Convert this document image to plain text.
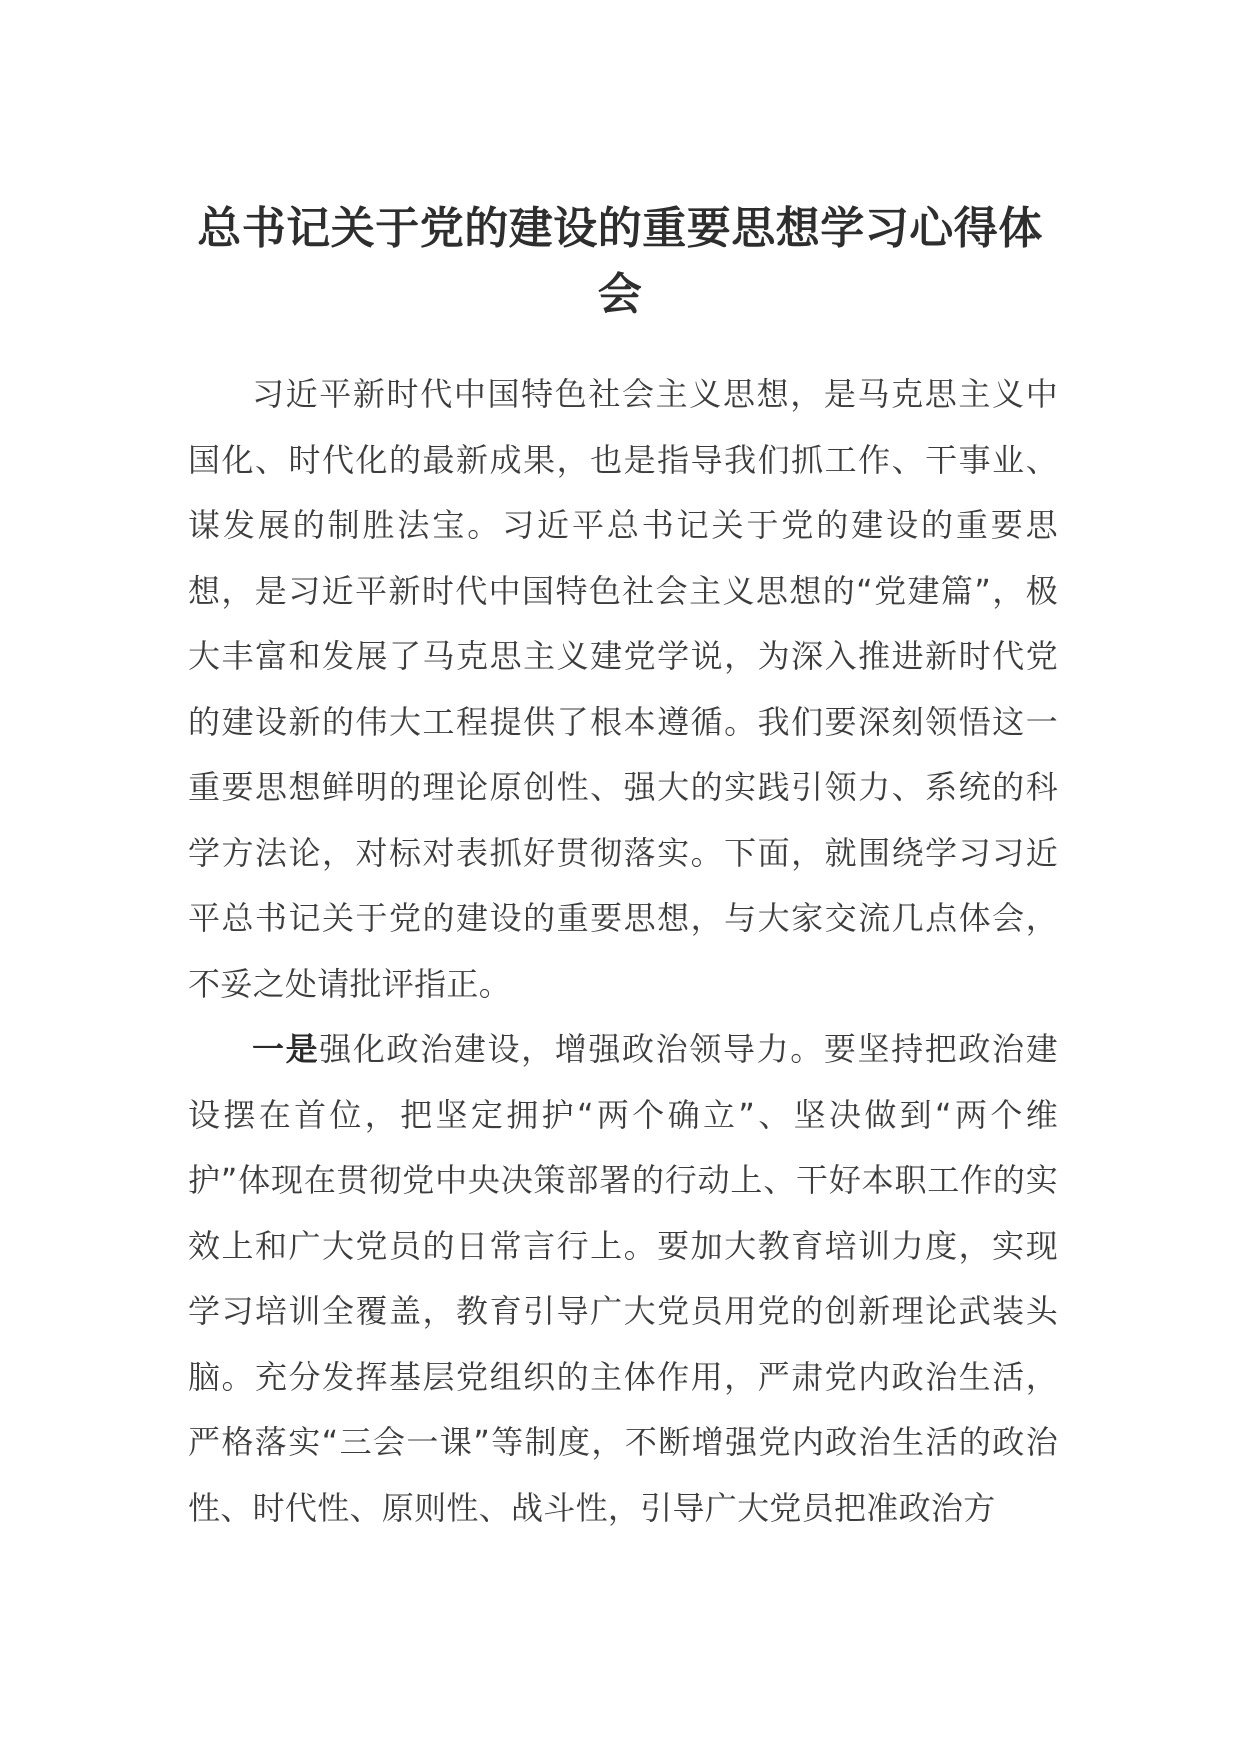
总书记关于党的建设的重要思想学习心得体会

习近平新时代中国特色社会主义思想，是马克思主义中国化、时代化的最新成果，也是指导我们抓工作、干事业、谋发展的制胜法宝。习近平总书记关于党的建设的重要思想，是习近平新时代中国特色社会主义思想的“党建篇”，极大丰富和发展了马克思主义建党学说，为深入推进新时代党的建设新的伟大工程提供了根本遵循。我们要深刻领悟这一重要思想鲜明的理论原创性、强大的实践引领力、系统的科学方法论，对标对表抓好贯彻落实。下面，就围绕学习习近平总书记关于党的建设的重要思想，与大家交流几点体会，不妥之处请批评指正。

一是强化政治建设，增强政治领导力。要坚持把政治建设摆在首位，把坚定拥护“两个确立”、坚决做到“两个维护”体现在贯彻党中央决策部署的行动上、干好本职工作的实效上和广大党员的日常言行上。要加大教育培训力度，实现学习培训全覆盖，教育引导广大党员用党的创新理论武装头脑。充分发挥基层党组织的主体作用，严肃党内政治生活，严格落实“三会一课”等制度，不断增强党内政治生活的政治性、时代性、原则性、战斗性，引导广大党员把准政治方
